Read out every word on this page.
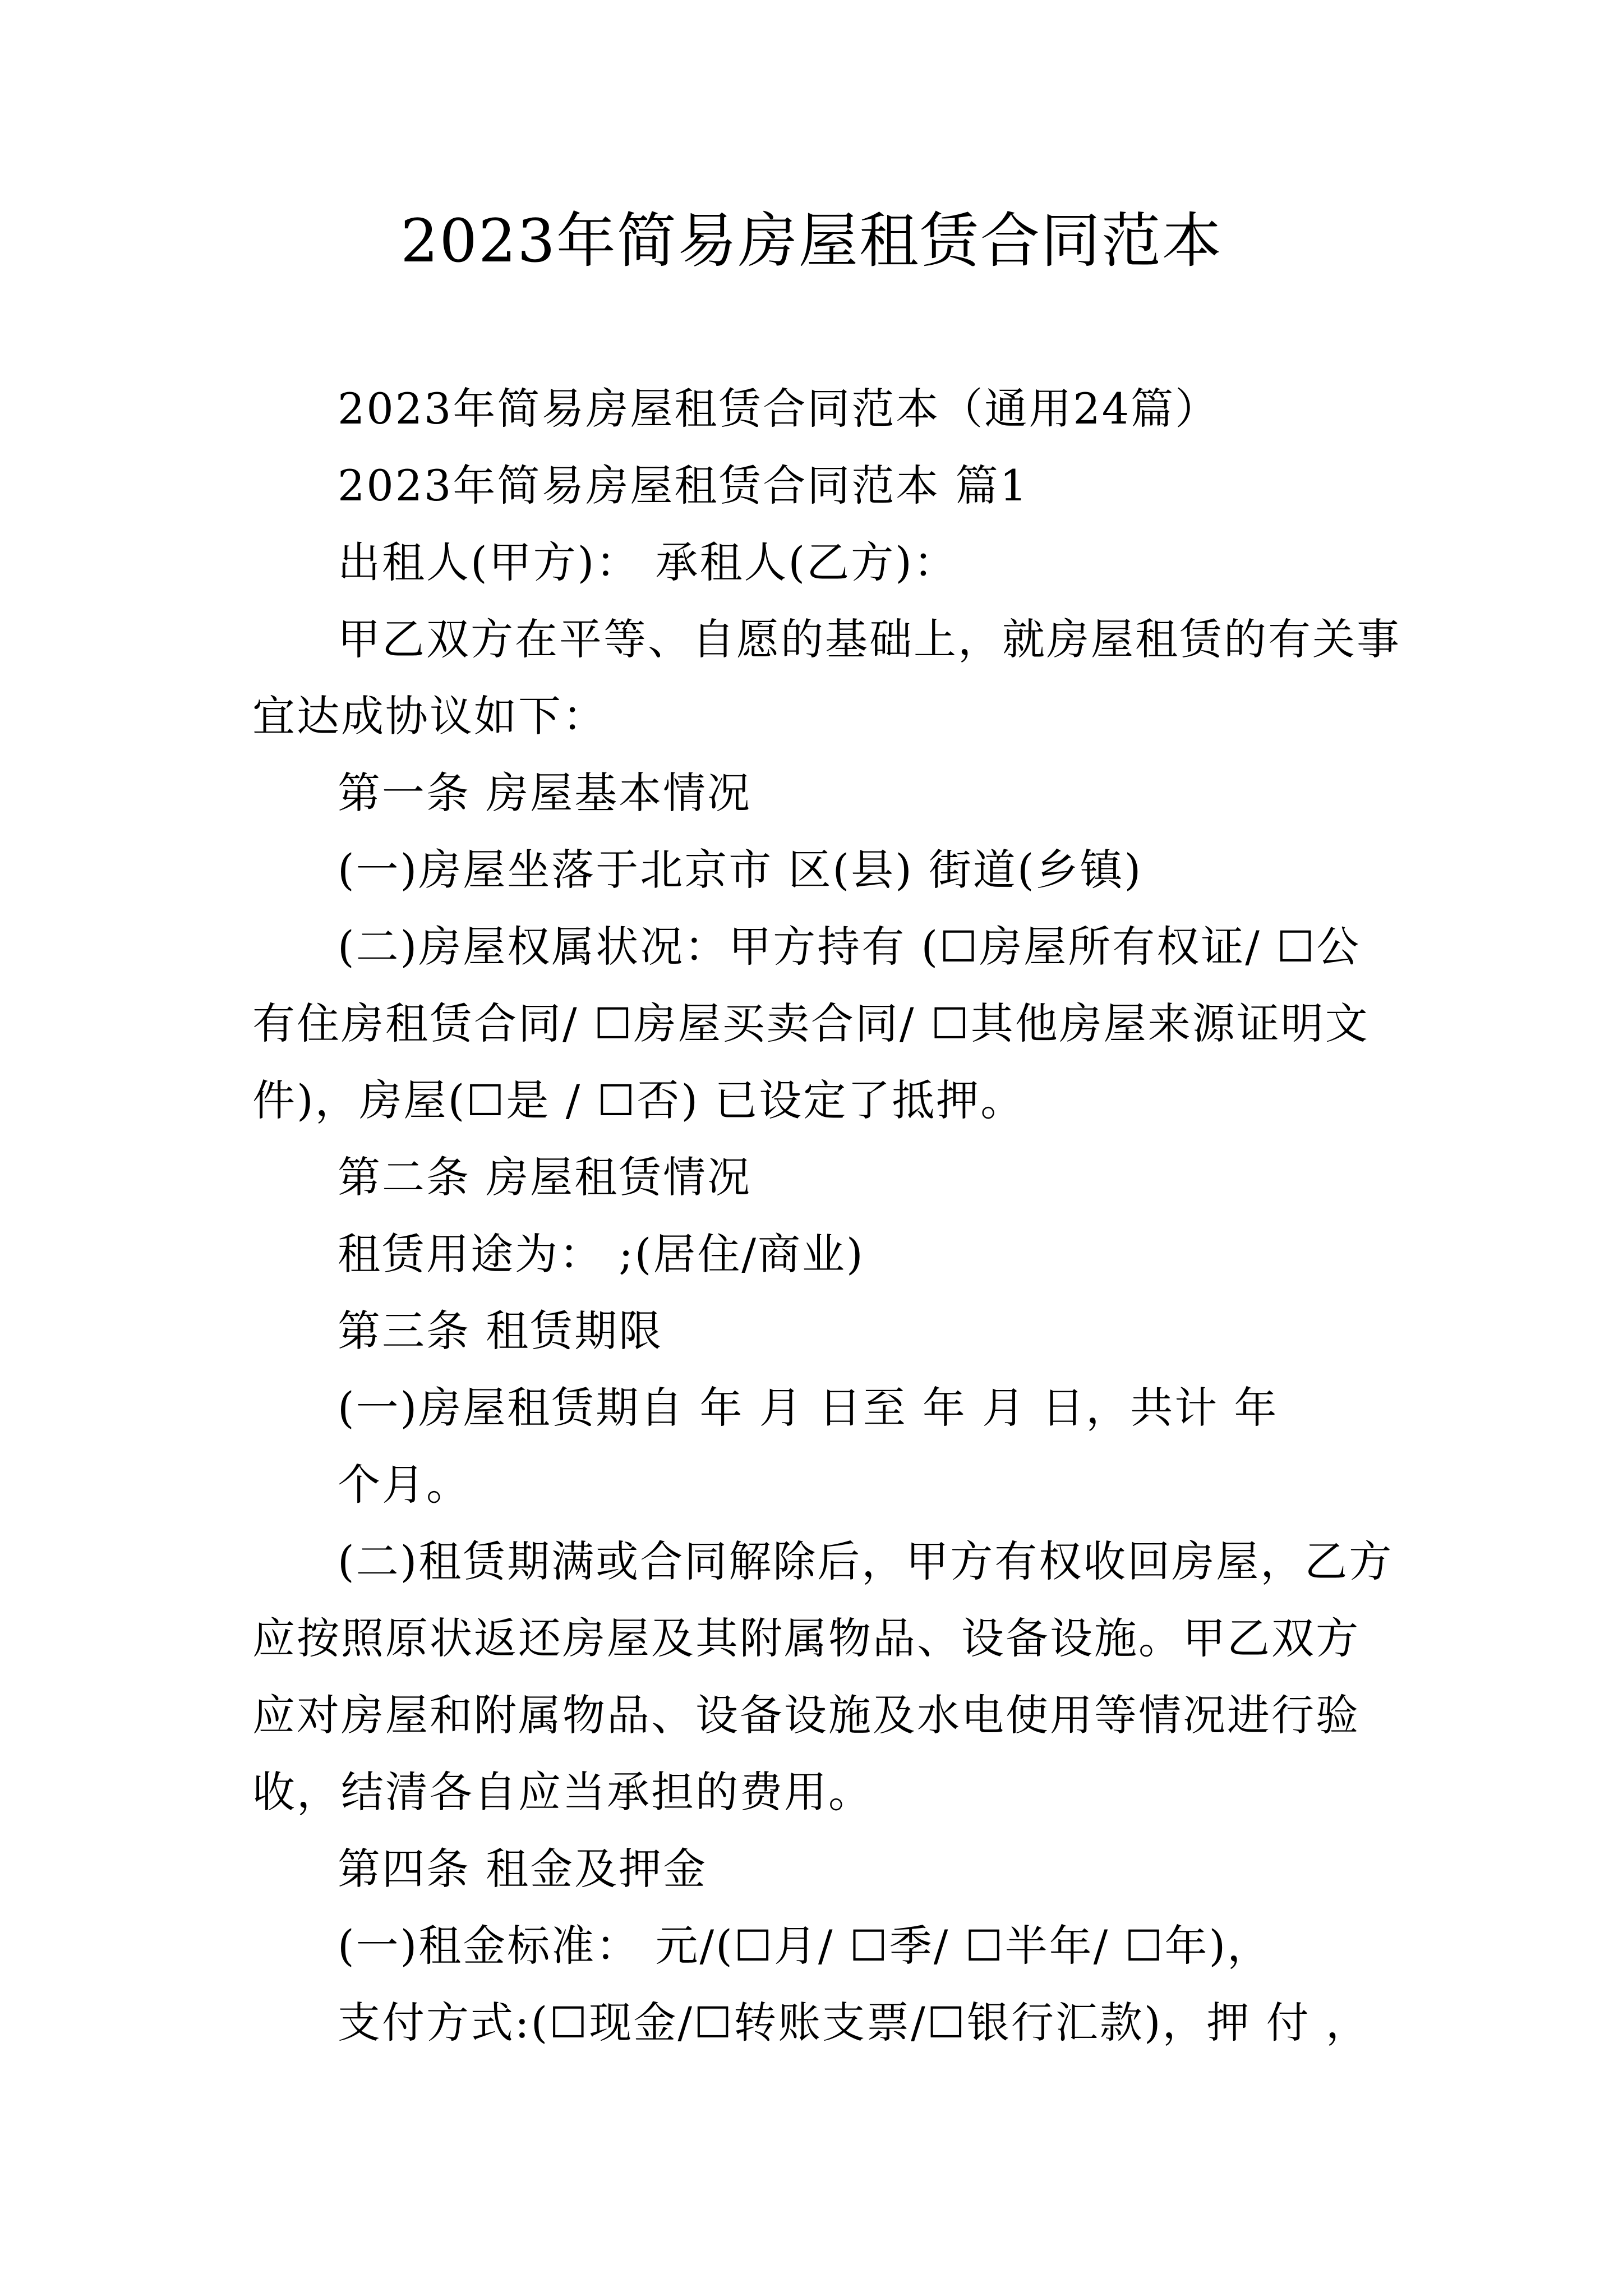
2023年简易房屋租赁合同范本

2023年简易房屋租赁合同范本（通用24篇）

2023年简易房屋租赁合同范本 篇1

出租人(甲方)： 承租人(乙方)：

甲乙双方在平等、自愿的基础上，就房屋租赁的有关事宜达成协议如下：

第一条 房屋基本情况

(一)房屋坐落于北京市 区(县) 街道(乡镇)

(二)房屋权属状况：甲方持有 (☐房屋所有权证/ ☐公有住房租赁合同/ ☐房屋买卖合同/ ☐其他房屋来源证明文件)，房屋(☐是 / ☐否) 已设定了抵押。

第二条 房屋租赁情况

租赁用途为： ;(居住/商业)

第三条 租赁期限

(一)房屋租赁期自 年 月 日至 年 月 日，共计 年

个月。

(二)租赁期满或合同解除后，甲方有权收回房屋，乙方应按照原状返还房屋及其附属物品、设备设施。甲乙双方应对房屋和附属物品、设备设施及水电使用等情况进行验收，结清各自应当承担的费用。

第四条 租金及押金

(一)租金标准： 元/(☐月/ ☐季/ ☐半年/ ☐年)，

支付方式:(☐现金/☐转账支票/☐银行汇款)，押 付 ，
